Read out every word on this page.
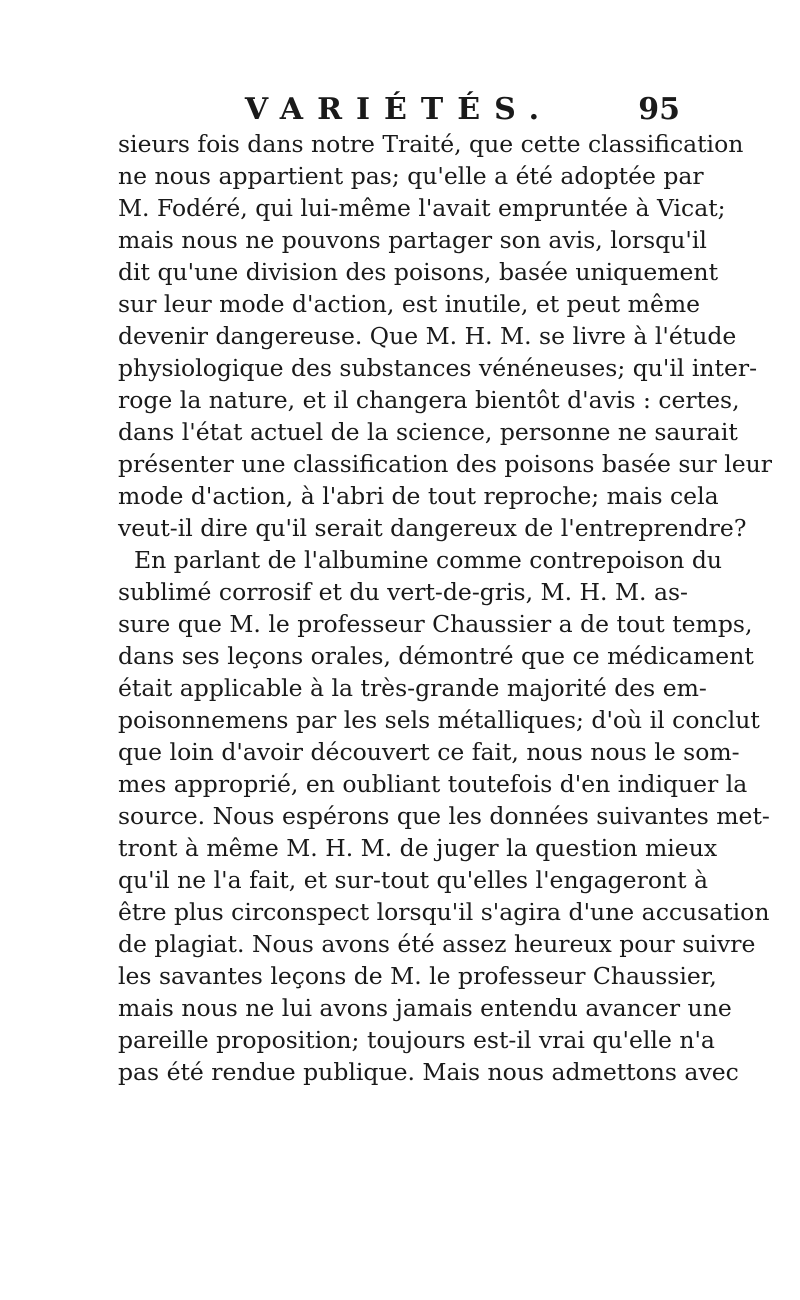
VARIÉTÉS.	95
sieurs fois dans notre Traité, que cette classification
ne nous appartient pas; qu'elle a été adoptée par
M. Fodéré, qui lui-même l'avait empruntée à Vicat;
mais nous ne pouvons partager son avis, lorsqu'il
dit qu'une division des poisons, basée uniquement
sur leur mode d'action, est inutile, et peut même
devenir dangereuse. Que M. H. M. se livre à l'étude
physiologique des substances vénéneuses; qu'il inter-
roge la nature, et il changera bientôt d'avis : certes,
dans l'état actuel de la science, personne ne saurait
présenter une classification des poisons basée sur leur
mode d'action, à l'abri de tout reproche; mais cela
veut-il dire qu'il serait dangereux de l'entreprendre?
En parlant de l'albumine comme contrepoison du
sublimé corrosif et du vert-de-gris, M. H. M. as-
sure que M. le professeur Chaussier a de tout temps,
dans ses leçons orales, démontré que ce médicament
était applicable à la très-grande majorité des em-
poisonnemens par les sels métalliques; d'où il conclut
que loin d'avoir découvert ce fait, nous nous le som-
mes approprié, en oubliant toutefois d'en indiquer la
source. Nous espérons que les données suivantes met-
tront à même M. H. M. de juger la question mieux
qu'il ne l'a fait, et sur-tout qu'elles l'engageront à
être plus circonspect lorsqu'il s'agira d'une accusation
de plagiat. Nous avons été assez heureux pour suivre
les savantes leçons de M. le professeur Chaussier,
mais nous ne lui avons jamais entendu avancer une
pareille proposition; toujours est-il vrai qu'elle n'a
pas été rendue publique. Mais nous admettons avec
